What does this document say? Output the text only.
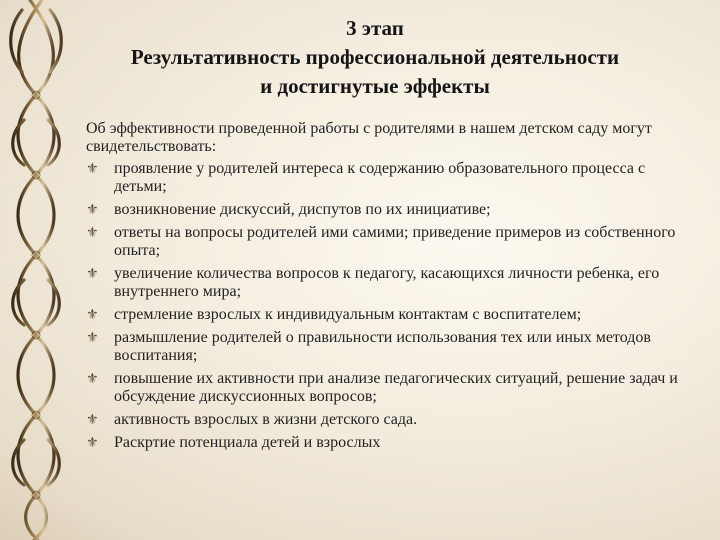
3 этап
Результативность профессиональной деятельности
и достигнутые эффекты

Об эффективности проведенной работы с родителями в нашем детском саду могут свидетельствовать:

⚜ проявление у родителей интереса к содержанию образовательного процесса с детьми;
⚜ возникновение дискуссий, диспутов по их инициативе;
⚜ ответы на вопросы родителей ими самими; приведение примеров из собственного опыта;
⚜ увеличение количества вопросов к педагогу, касающихся личности ребенка, его внутреннего мира;
⚜ стремление взрослых к индивидуальным контактам с воспитателем;
⚜ размышление родителей о правильности использования тех или иных методов воспитания;
⚜ повышение их активности при анализе педагогических ситуаций, решение задач и обсуждение дискуссионных вопросов;
⚜ активность взрослых в жизни детского сада.
⚜ Раскртие потенциала детей и взрослых
